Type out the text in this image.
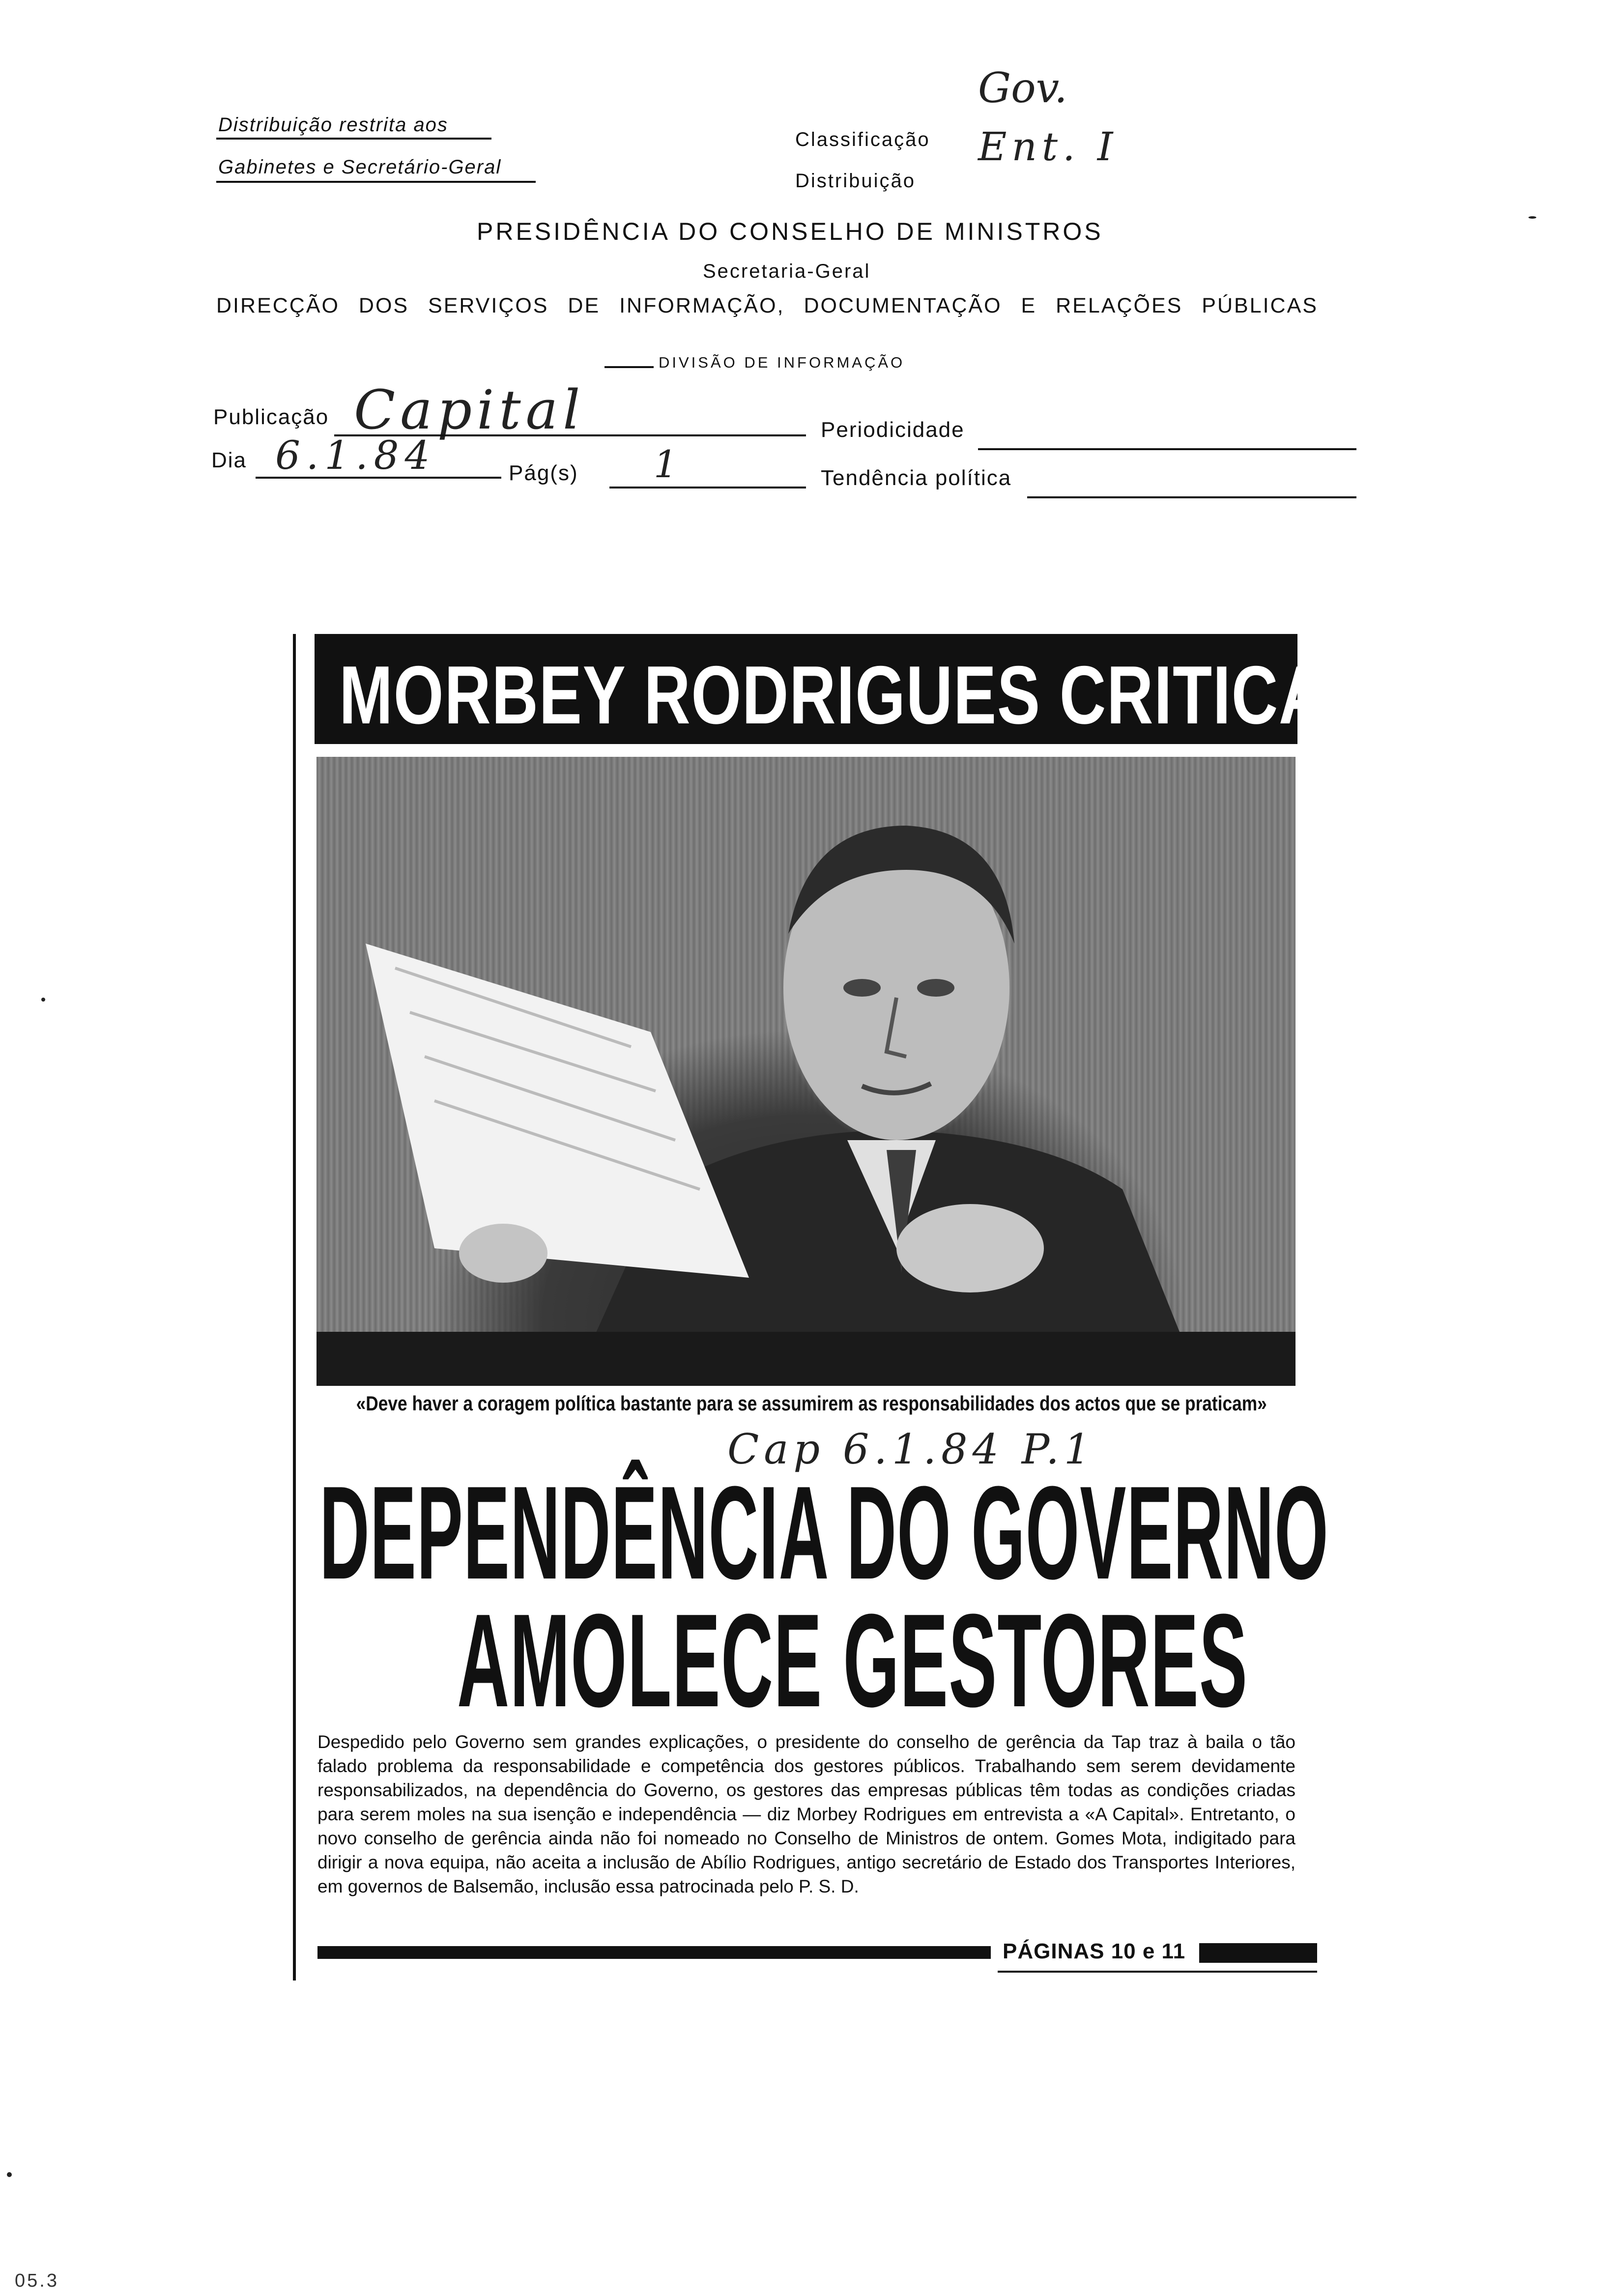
Distribuição restrita aos
Gabinetes e Secretário-Geral
Classificação
Distribuição
Gov.
Ent. I
PRESIDÊNCIA DO CONSELHO DE MINISTROS
Secretaria-Geral
DIRECÇÃO DOS SERVIÇOS DE INFORMAÇÃO, DOCUMENTAÇÃO E RELAÇÕES PÚBLICAS
DIVISÃO DE INFORMAÇÃO
Publicação Capital	Periodicidade
Dia 6.1.84	Pág(s) 1	Tendência política
MORBEY RODRIGUES CRITICA
«Deve haver a coragem política bastante para se assumirem as responsabilidades dos actos que se praticam»
Cap 6.1.84 P.1
DEPENDÊNCIA DO GOVERNO
AMOLECE GESTORES
Despedido pelo Governo sem grandes explicações, o presidente do conselho de gerência da Tap traz à baila o tão falado problema da responsabilidade e competência dos gestores públicos. Trabalhando sem serem devidamente responsabilizados, na dependência do Governo, os gestores das empresas públicas têm todas as condições criadas para serem moles na sua isenção e independência — diz Morbey Rodrigues em entrevista a «A Capital». Entretanto, o novo conselho de gerência ainda não foi nomeado no Conselho de Ministros de ontem. Gomes Mota, indigitado para dirigir a nova equipa, não aceita a inclusão de Abílio Rodrigues, antigo secretário de Estado dos Transportes Interiores, em governos de Balsemão, inclusão essa patrocinada pelo P. S. D.
PÁGINAS 10 e 11
05.3
